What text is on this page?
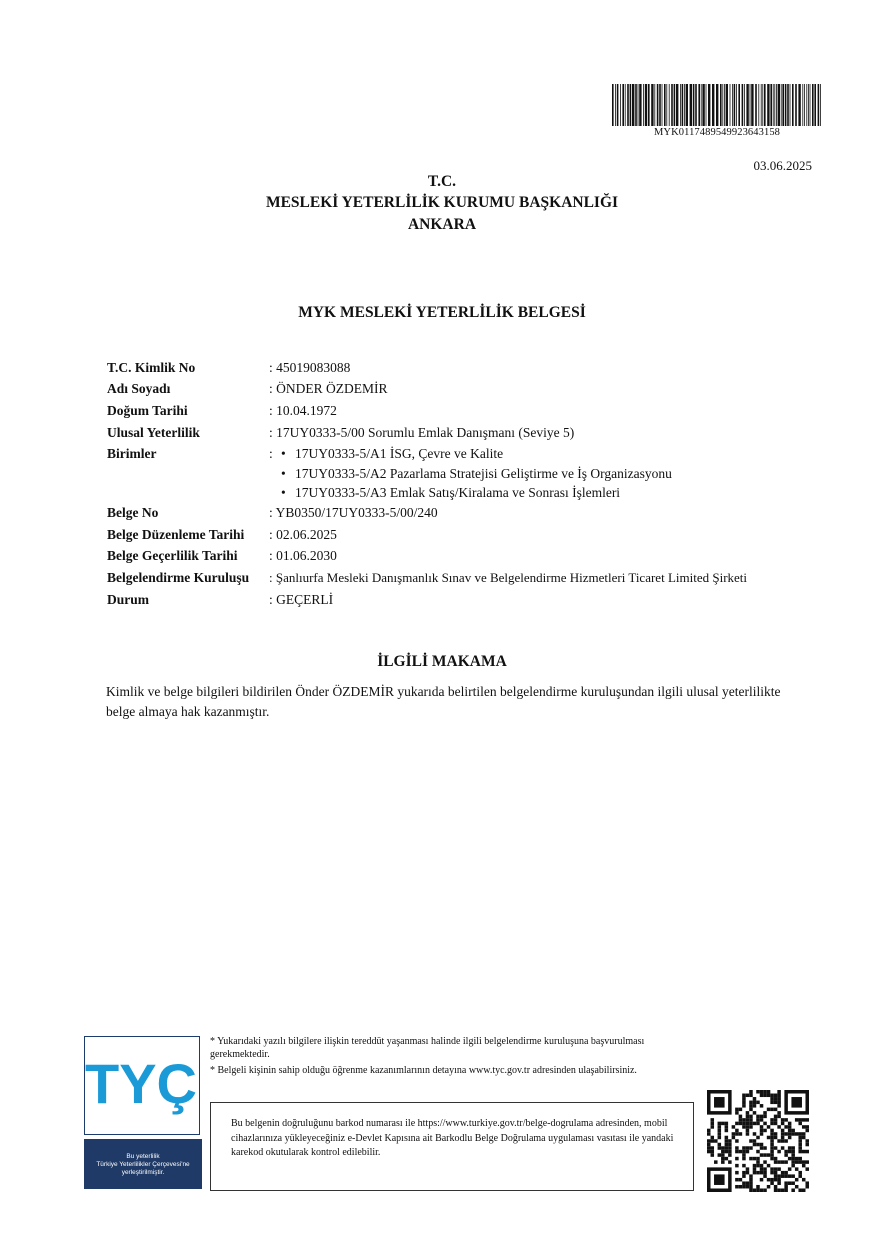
MYK0117489549923643158
03.06.2025
T.C.
MESLEKİ YETERLİLİK KURUMU BAŞKANLIĞI
ANKARA
MYK MESLEKİ YETERLİLİK BELGESİ
T.C. Kimlik No	: 45019083088
Adı Soyadı	: ÖNDER ÖZDEMİR
Doğum Tarihi	: 10.04.1972
Ulusal Yeterlilik	: 17UY0333-5/00 Sorumlu Emlak Danışmanı (Seviye 5)
Birimler	:
•	17UY0333-5/A1 İSG, Çevre ve Kalite
• 17UY0333-5/A2 Pazarlama Stratejisi Geliştirme ve İş Organizasyonu
• 17UY0333-5/A3 Emlak Satış/Kiralama ve Sonrası İşlemleri
Belge No	: YB0350/17UY0333-5/00/240
Belge Düzenleme Tarihi : 02.06.2025
Belge Geçerlilik Tarihi : 01.06.2030
Belgelendirme Kuruluşu : Şanlıurfa Mesleki Danışmanlık Sınav ve Belgelendirme Hizmetleri Ticaret Limited Şirketi
Durum	: GEÇERLİ
İLGİLİ MAKAMA
Kimlik ve belge bilgileri bildirilen Önder ÖZDEMİR yukarıda belirtilen belgelendirme kuruluşundan ilgili ulusal yeterlilikte belge almaya hak kazanmıştır.
TYÇ
Bu yeterlilik
Türkiye Yeterlilikler Çerçevesi'ne
yerleştirilmiştir.
* Yukarıdaki yazılı bilgilere ilişkin tereddüt yaşanması halinde ilgili belgelendirme kuruluşuna başvurulması gerekmektedir.
* Belgeli kişinin sahip olduğu öğrenme kazanımlarının detayına www.tyc.gov.tr adresinden ulaşabilirsiniz.
Bu belgenin doğruluğunu barkod numarası ile https://www.turkiye.gov.tr/belge-dogrulama adresinden, mobil cihazlarınıza yükleyeceğiniz e-Devlet Kapısına ait Barkodlu Belge Doğrulama uygulaması vasıtası ile yandaki karekod okutularak kontrol edilebilir.
